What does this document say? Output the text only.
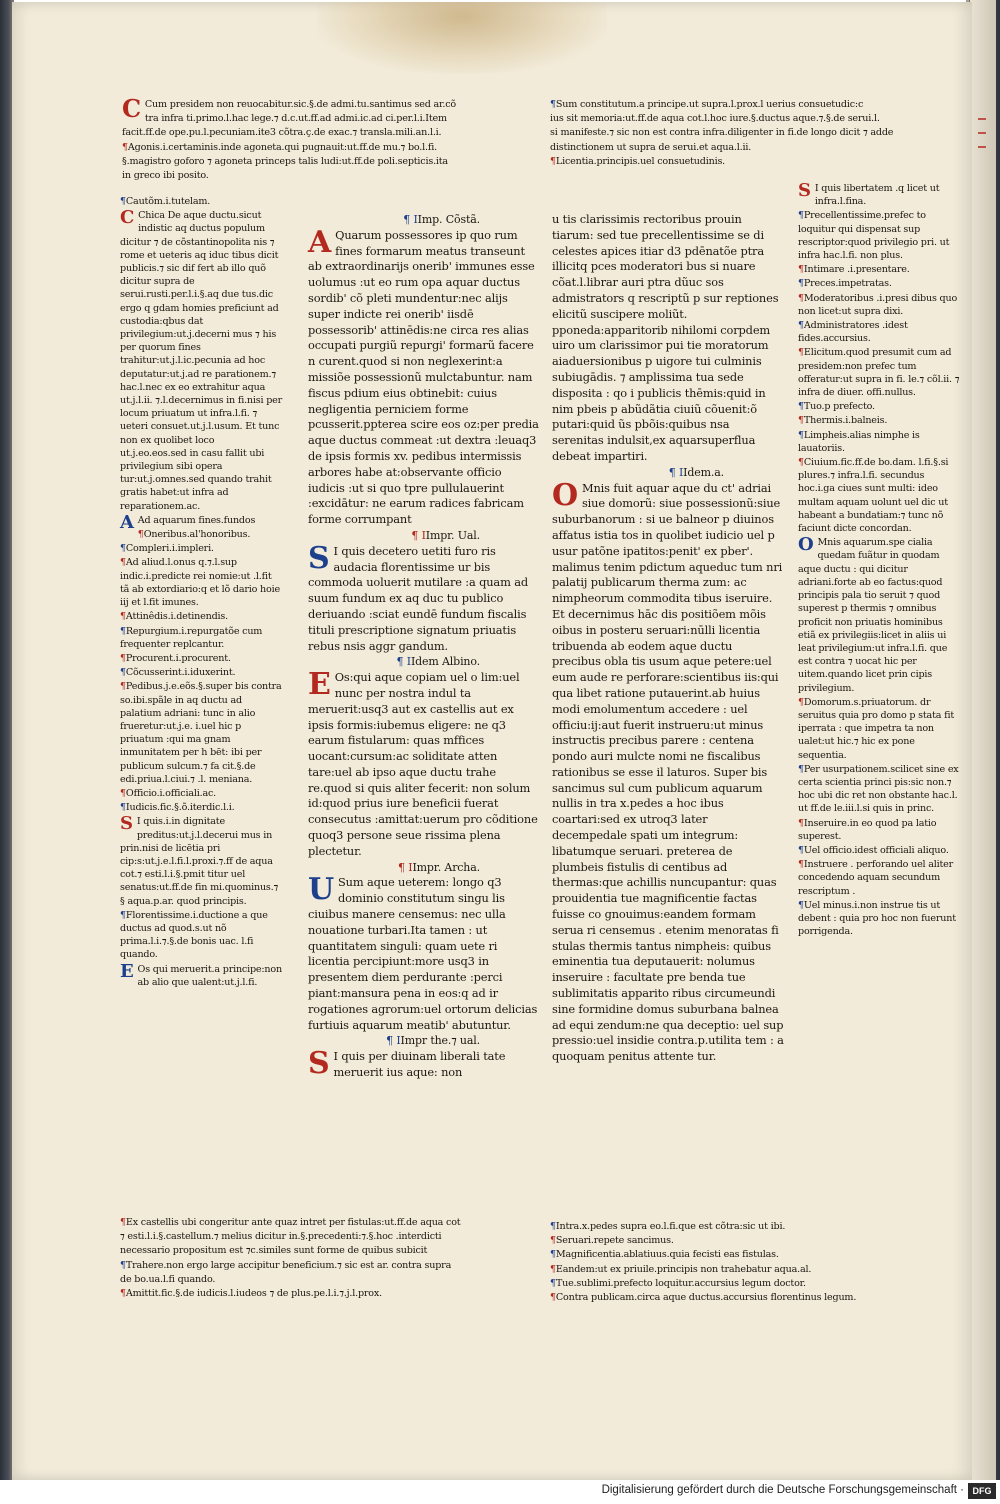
C Cum presidem non reuocabitur.sic.§.de admi.tu.santimus sed ar.cõ

tra infra ti.primo.l.hac lege.⁊ d.c.ut.ff.ad admi.ic.ad ci.per.l.i.Item

facit.ff.de ope.pu.l.pecuniam.ite3 cõtra.ç.de exac.⁊ transla.mili.an.l.i.

¶Agonis.i.certaminis.inde agoneta.qui pugnauit:ut.ff.de mu.⁊ bo.l.fi.

§.magistro goforo ⁊ agoneta princeps talis ludi:ut.ff.de poli.septicis.ita

in greco ibi posito.

¶Sum constitutum.a principe.ut supra.l.prox.l uerius consuetudic:c

ius sit memoria:ut.ff.de aqua cot.l.hoc iure.§.ductus aque.⁊.§.de serui.l.

si manifeste.⁊ sic non est contra infra.diligenter in fi.de longo dicit ⁊ adde

distinctionem ut supra de serui.et aqua.l.ii.

¶Licentia.principis.uel consuetudinis.

¶Cautõm.i.tutelam.

C Chica De aque ductu.sicut indistic aq ductus populum dicitur ⁊ de cõstantinopolita nis ⁊ rome et ueteris aq iduc tibus dicit publicis.⁊ sic dif fert ab illo quõ dicitur supra de serui.rusti.per.l.i.§.aq due tus.dic ergo q gdam homies preficiunt ad custodia:qbus dat privilegium:ut.j.decerni mus ⁊ his per quorum fines trahitur:ut.j.l.ic.pecunia ad hoc deputatur:ut.j.ad re parationem.⁊ hac.l.nec ex eo extrahitur aqua ut.j.l.ii. ⁊.l.decernimus in fi.nisi per locum priuatum ut infra.l.fi. ⁊ ueteri consuet.ut.j.l.usum. Et tunc non ex quolibet loco ut.j.eo.eos.sed in casu fallit ubi privilegium sibi opera tur:ut.j.omnes.sed quando trahit gratis habet:ut infra ad reparationem.ac.

A Ad aquarum fines.fundos

¶Oneribus.al'honoribus.

¶Compleri.i.impleri.

¶Ad aliud.l.onus q.⁊.l.sup indic.i.predicte rei nomie:ut .l.fit tã ab extordiario:q et lõ dario hoie iij et l.fit imunes.

¶Attinêdis.i.detinendis.

¶Repurgium.i.repurgatõe cum frequenter replcantur.

¶Procurent.i.procurent.

¶Cõcusserint.i.iduxerint.

¶Pedibus.j.e.eõs.§.super bis contra so.ibi.spãle in aq ductu ad palatium adriani: tunc in alio frueretur:ut.j.e. i.uel hic p priuatum :qui ma gnam inmunitatem per h bēt: ibi per publicum sulcum.⁊ fa cit.§.de edi.priua.l.ciui.⁊ .l. meniana.

¶Officio.i.officiali.ac.

¶Iudicis.fic.§.õ.iterdic.l.i.

S I quis.i.in dignitate preditus:ut.j.l.decerui mus in prin.nisi de licētia pri cip:s:ut.j.e.l.fi.l.proxi.⁊.ff de aqua cot.⁊ esti.l.i.§.pmit titur uel senatus:ut.ff.de fin mi.quominus.⁊ § aqua.p.ar. quod principis.

¶Florentissime.i.ductione a que ductus ad quod.s.ut nõ prima.l.i.⁊.§.de bonis uac. l.fi quando.

E Os qui meruerit.a principe:non ab alio que ualent:ut.j.l.fi.

¶ IImp. Cõstã.

A Quarum possessores ip quo rum fines formarum meatus transeunt ab extraordinarijs onerib' immunes esse uolumus :ut eo rum opa aquar ductus sordib' cõ pleti mundentur:nec alijs super indicte rei onerib' iisdē possessorib' attinēdis:ne circa res alias occupati purgiũ repurgi' formarũ facere n curent.quod si non neglexerint:a missiõe possessionũ mulctabuntur. nam fiscus pdium eius obtinebit: cuius negligentia perniciem forme pcusserit.ppterea scire eos oz:per predia aque ductus commeat :ut dextra :leuaq3 de ipsis formis xv. pedibus intermissis arbores habe at:observante officio iudicis :ut si quo tpre pullulauerint :excidātur: ne earum radices fabricam forme corrumpant

¶ IImpr. Ual.

S I quis decetero uetiti furo ris audacia florentissime ur bis commoda uoluerit mutilare :a quam ad suum fundum ex aq duc tu publico deriuando :sciat eundē fundum fiscalis tituli prescriptione signatum priuatis rebus nsis aggr gandum.

¶ IIdem Albino.

E Os:qui aque copiam uel o lim:uel nunc per nostra indul ta meruerit:usq3 aut ex castellis aut ex ipsis formis:iubemus eligere: ne q3 earum fistularum: quas mffices uocant:cursum:ac soliditate atten tare:uel ab ipso aque ductu trahe re.quod si quis aliter fecerit: non solum id:quod prius iure beneficii fuerat consecutus :amittat:uerum pro cõditione quoq3 persone seue rissima plena plectetur.

¶ IImpr. Archa.

U Sum aque ueterem: longo q3 dominio constitutum singu lis ciuibus manere censemus: nec ulla nouatione turbari.Ita tamen : ut quantitatem singuli: quam uete ri licentia percipiunt:more usq3 in presentem diem perdurante :perci piant:mansura pena in eos:q ad ir rogationes agrorum:uel ortorum delicias furtiuis aquarum meatib' abutuntur.

¶ IImpr the.⁊ ual.

S I quis per diuinam liberali tate meruerit ius aque: non

u tis clarissimis rectoribus prouin tiarum: sed tue precellentissime se di celestes apices itiar d3 pdēnatõe ptra illicitq pces moderatori bus si nuare cõat.l.librar auri ptra dũuc sos admistrators q rescriptũ p sur reptiones elicitũ suscipere moliũt. pponeda:apparitorib nihilomi corpdem uiro um clarissimor pui tie moratorum aiaduersionibus p uigore tui culminis subiugādis. ⁊ amplissima tua sede disposita : qo i publicis thēmis:quid in nim pbeis p abũdãtia ciuiũ cõuenit:õ putari:quid ũs pbõis:quibus nsa serenitas indulsit,ex aquarsuperflua debeat impartiri.

¶ IIdem.a.

O Mnis fuit aquar aque du ct' adriai siue domorũ: siue possessionũ:siue suburbanorum : si ue balneor p diuinos affatus istia tos in quolibet iudicio uel p usur patõne ipatitos:penit' ex pber'. malimus tenim pdictum aqueduc tum nri palatij publicarum therma zum: ac nimpheorum commodita tibus iseruire. Et decernimus hāc dis positiõem mõis oibus in posteru seruari:nūlli licentia tribuenda ab eodem aque ductu precibus obla tis usum aque petere:uel eum aude re perforare:scientibus iis:qui qua libet ratione putauerint.ab huius modi emolumentum accedere : uel officiu:ij:aut fuerit instrueru:ut minus instructis precibus parere : centena pondo auri mulcte nomi ne fiscalibus rationibus se esse il laturos. Super bis sancimus sul cum publicum aquarum nullis in tra x.pedes a hoc ibus coartari:sed ex utroq3 later decempedale spati um integrum: libatumque seruari. preterea de plumbeis fistulis di centibus ad thermas:que achillis nuncupantur: quas prouidentia tue magnificentie factas fuisse co gnouimus:eandem formam serua ri censemus . etenim menoratas fi stulas thermis tantus nimpheis: quibus eminentia tua deputauerit: nolumus inseruire : facultate pre benda tue sublimitatis apparito ribus circumeundi sine formidine domus suburbana balnea ad equi zendum:ne qua deceptio: uel sup pressio:uel insidie contra.p.utilita tem : a quoquam penitus attente tur.

S I quis libertatem .q licet ut infra.l.fina.

¶Precellentissime.prefec to loquitur qui dispensat sup rescriptor:quod privilegio pri. ut infra hac.l.fi. non plus.

¶Intimare .i.presentare.

¶Preces.impetratas.

¶Moderatoribus .i.presi dibus quo non licet:ut supra dixi.

¶Administratores .idest fides.accursius.

¶Elicitum.quod presumit cum ad presidem:non prefec tum offeratur:ut supra in fi. le.⁊ cõl.ii. ⁊ infra de diuer. offi.nullus.

¶Tuo.p prefecto.

¶Thermis.i.balneis.

¶Limpheis.alias nimphe is lauatoriis.

¶Ciuium.fic.ff.de bo.dam. l.fi.§.si plures.⁊ infra.l.fi. secundus hoc.i.ga ciues sunt multi: ideo multam aquam uolunt uel dic ut habeant a bundatiam:⁊ tunc nõ faciunt dicte concordan.

O Mnis aquarum.spe cialia quedam fuãtur in quodam aque ductu : qui dicitur adriani.forte ab eo factus:quod principis pala tio seruit ⁊ quod superest p thermis ⁊ omnibus proficit non priuatis hominibus etiã ex privilegiis:licet in aliis ui leat privilegium:ut infra.l.fi. que est contra ⁊ uocat hic per uitem.quando licet prin cipis privilegium.

¶Domorum.s.priuatorum. dr seruitus quia pro domo p stata fit iperrata : que impetra ta non ualet:ut hic.⁊ hic ex pone sequentia.

¶Per usurpationem.scilicet sine ex certa scientia princi pis:sic non.⁊ hoc ubi dic ret non obstante hac.l. ut ff.de le.iii.l.si quis in princ.

¶Inseruire.in eo quod pa latio superest.

¶Uel officio.idest officiali aliquo.

¶Instruere . perforando uel aliter concedendo aquam secundum rescriptum .

¶Uel minus.i.non instrue tis ut debent : quia pro hoc non fuerunt porrigenda.

¶Ex castellis ubi congeritur ante quaz intret per fistulas:ut.ff.de aqua cot

⁊ esti.l.i.§.castellum.⁊ melius dicitur in.§.precedenti:⁊.§.hoc .interdicti

necessario propositum est ⁊c.similes sunt forme de quibus subicit

¶Trahere.non ergo large accipitur beneficium.⁊ sic est ar. contra supra

de bo.ua.l.fi quando.

¶Amittit.fic.§.de iudicis.l.iudeos ⁊ de plus.pe.l.i.⁊.j.l.prox.

¶Intra.x.pedes supra eo.l.fi.que est cõtra:sic ut ibi.

¶Seruari.repete sancimus.

¶Magnificentia.ablatiuus.quia fecisti eas fistulas.

¶Eandem:ut ex priuile.principis non trahebatur aqua.al.

¶Tue.sublimi.prefecto loquitur.accursius legum doctor.

¶Contra publicam.circa aque ductus.accursius florentinus legum.

Digitalisierung gefördert durch die Deutsche Forschungsgemeinschaft · DFG
